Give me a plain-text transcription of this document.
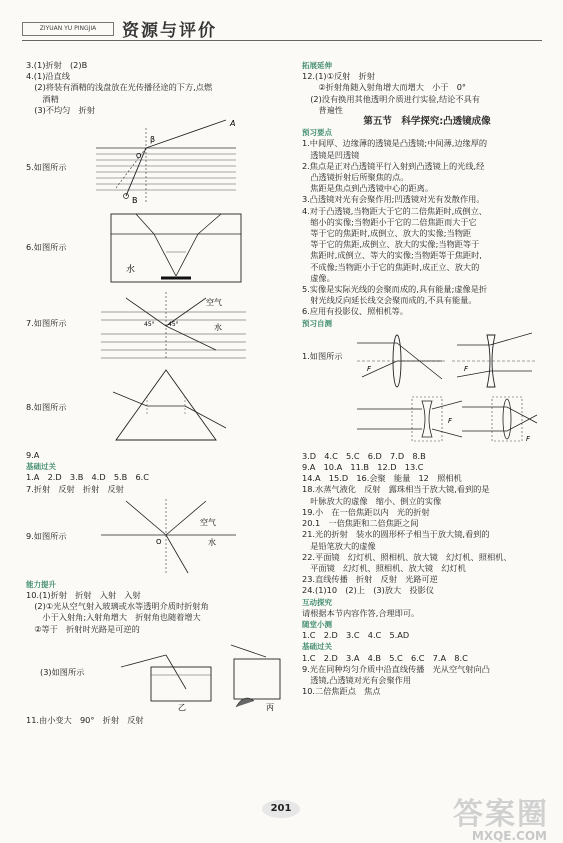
ZIYUAN YU PINGJIA	资源与评价
3.(1)折射　(2)B
4.(1)沿直线
　(2)将装有酒精的浅盘放在光传播径途的下方,点燃
　　酒精
　(3)不均匀　折射
5.如图所示
A
β
O
B
6.如图所示
水
7.如图所示
空气
45° 45°	水
8.如图所示
9.A
基础过关
1.A　2.D　3.B　4.D　5.B　6.C
7.折射　反射　折射　反射
9.如图所示
空气
O	水
能力提升
10.(1)折射　折射　入射　入射
　(2)①光从空气射入玻璃或水等透明介质时折射角
　　小于入射角;入射角增大　折射角也随着增大
　②等于　折射时光路是可逆的
(3)如图所示
乙	丙
11.由小变大　90°　折射　反射
拓展延伸
12.(1)①反射　折射
　　②折射角随入射角增大而增大　小于　0°
　(2)没有换用其他透明介质进行实验,结论不具有
　　普遍性
第五节　科学探究:凸透镜成像
预习要点
1.中间厚、边缘薄的透镜是凸透镜;中间薄,边缘厚的
　透镜是凹透镜
2.焦点是正对凸透镜平行入射到凸透镜上的光线,经
　凸透镜折射后所聚焦的点。
　焦距是焦点到凸透镜中心的距离。
3.凸透镜对光有会聚作用;凹透镜对光有发散作用。
4.对于凸透镜,当物距大于它的二倍焦距时,成倒立、
　缩小的实像;当物距小于它的二倍焦距而大于它
　等于它的焦距时,成倒立、放大的实像;当物距
　等于它的焦距,成倒立、放大的实像;当物距等于
　焦距时,成倒立、等大的实像;当物距等于焦距时,
　不成像;当物距小于它的焦距时,成正立、放大的
　虚像。
5.实像是实际光线的会聚而成的,具有能量;虚像是折
　射光线反向延长线交会聚而成的,不具有能量。
6.应用有投影仪、照相机等。
预习自测
1.如图所示
F	F
F
F
3.D　4.C　5.C　6.D　7.D　8.B
9.A　10.A　11.B　12.D　13.C
14.A　15.D　16.会聚　能量　12　照相机
18.水蒸气液化　反射　露珠相当于放大镜,看到的是
　叶脉放大的虚像　缩小、倒立的实像
19.小　在一倍焦距以内　光的折射
20.1　一倍焦距和二倍焦距之间
21.光的折射　装水的圆形杯子相当于放大镜,看到的
　是铅笔放大的虚像
22.平面镜　幻灯机、照相机、放大镜　幻灯机、照相机、
　平面镜　幻灯机、照相机、放大镜　幻灯机
23.直线传播　折射　反射　光路可逆
24.(1)10　(2)上　(3)放大　投影仪
互动探究
请根据本节内容作答,合理即可。
随堂小测
1.C　2.D　3.C　4.C　5.AD
基础过关
1.C　2.D　3.A　4.B　5.C　6.C　7.A　8.C
9.光在同种均匀介质中沿直线传播　光从空气射向凸
　透镜,凸透镜对光有会聚作用
10.二倍焦距点　焦点
201	答案圈
MXQE.COM
